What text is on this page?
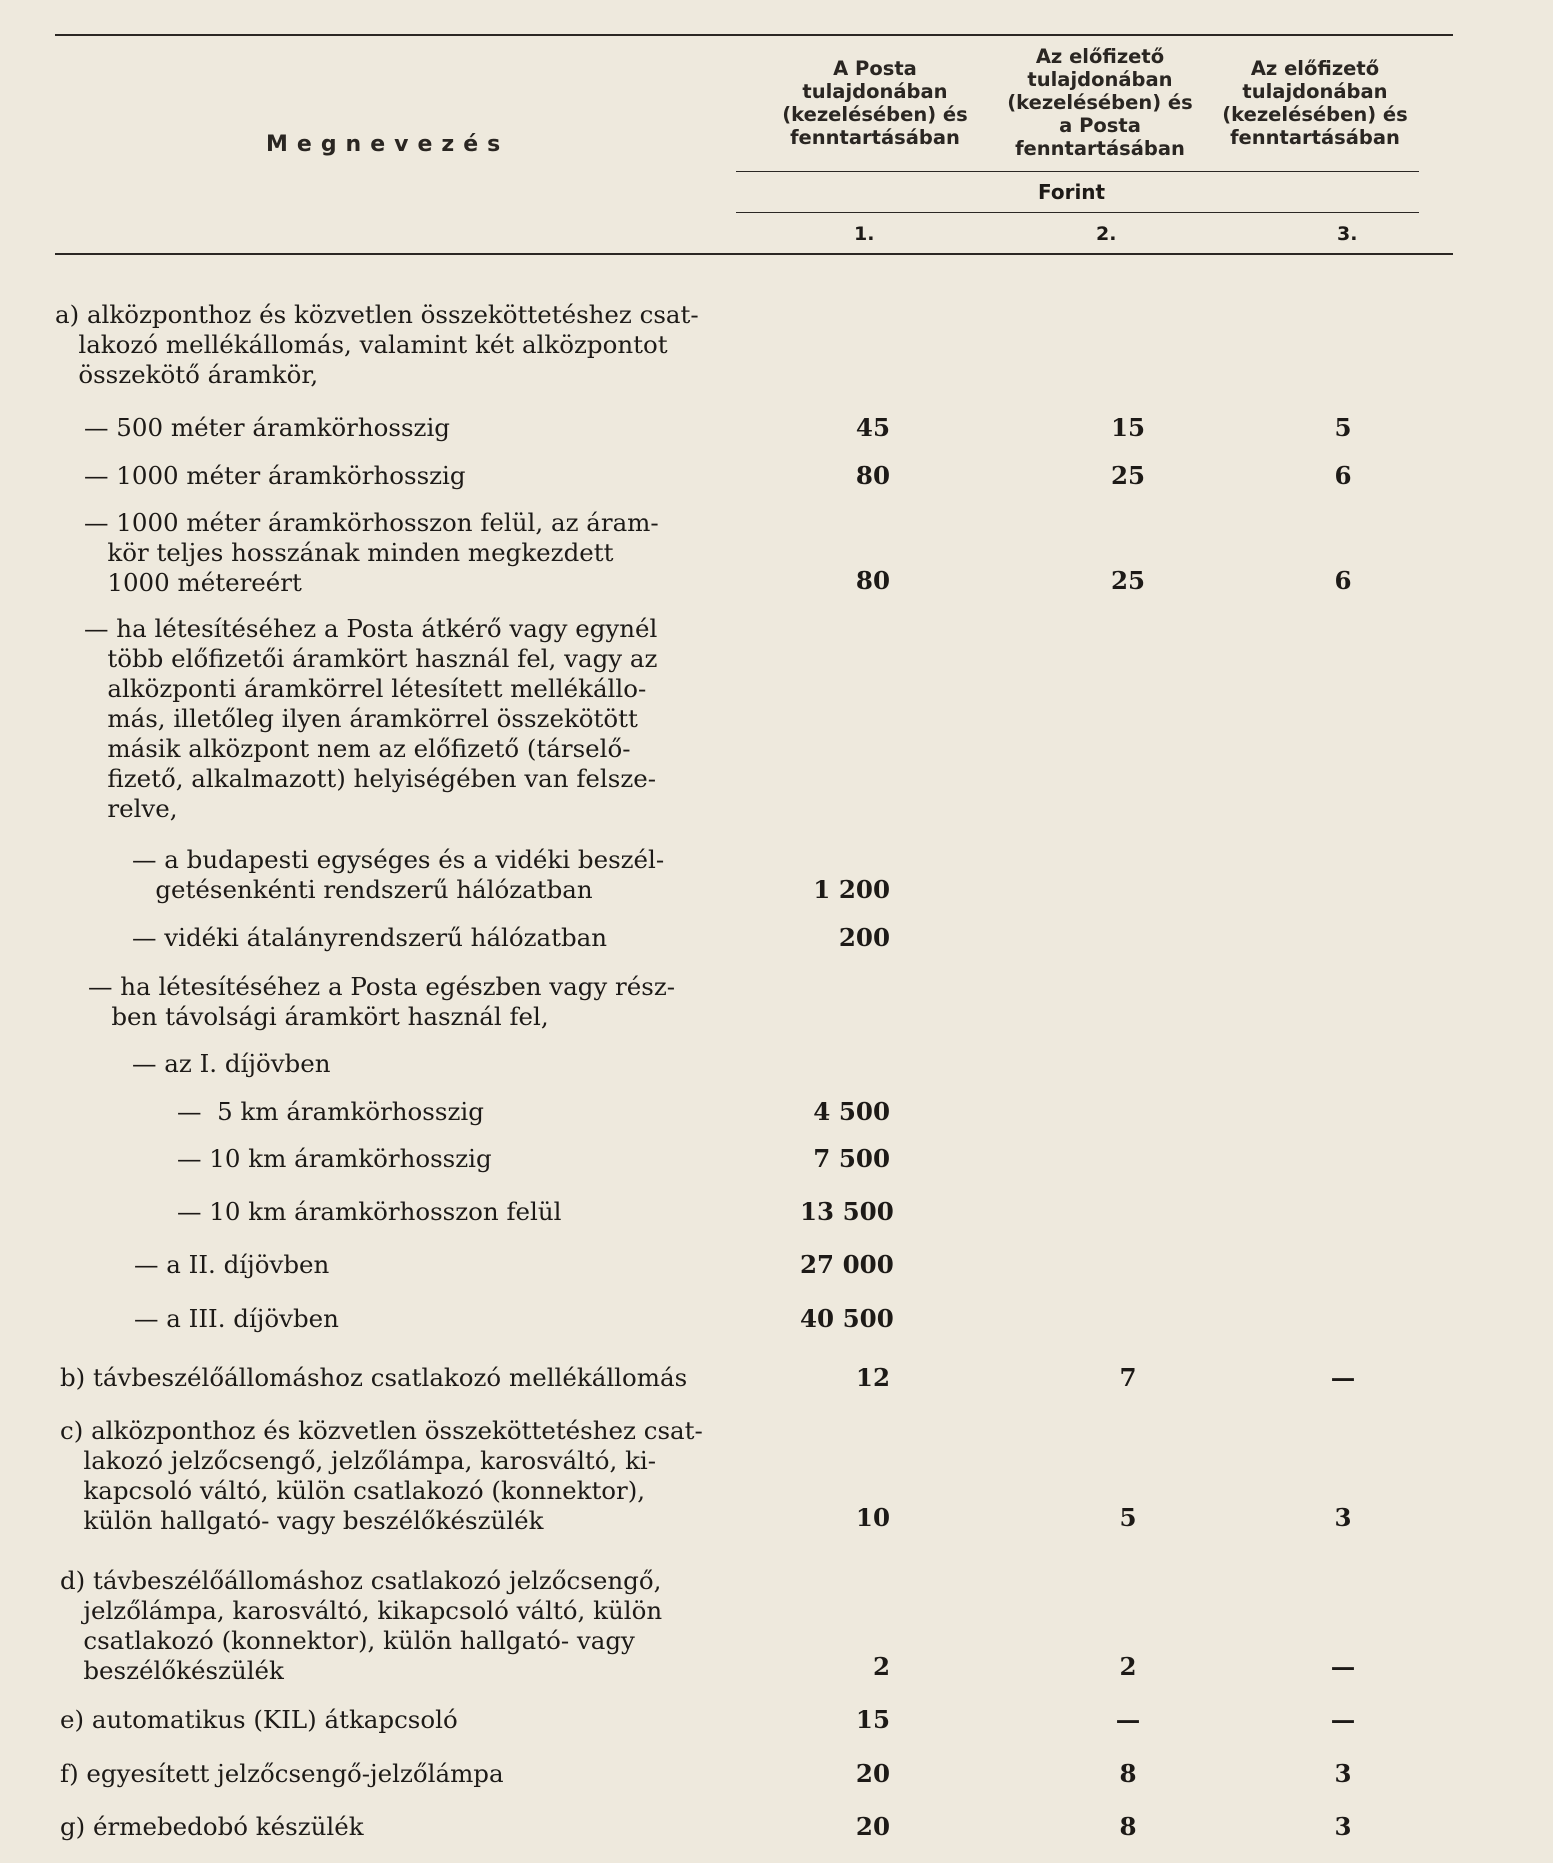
Megnevezés
A Posta
tulajdonában
(kezelésében) és
fenntartásában
Az előfizető
tulajdonában
(kezelésében) és
a Posta
fenntartásában
Az előfizető
tulajdonában
(kezelésében) és
fenntartásában
Forint
1.	2.	3.
a) alközponthoz és közvetlen összeköttetéshez csat-
lakozó mellékállomás, valamint két alközpontot
összekötő áramkör,
— 500 méter áramkörhosszig	45	15	5
— 1000 méter áramkörhosszig	80	25	6
— 1000 méter áramkörhosszon felül, az áram-
kör teljes hosszának minden megkezdett
1000 métereért	80	25	6
— ha létesítéséhez a Posta átkérő vagy egynél
több előfizetői áramkört használ fel, vagy az
alközponti áramkörrel létesített mellékállo-
más, illetőleg ilyen áramkörrel összekötött
másik alközpont nem az előfizető (társelő-
fizető, alkalmazott) helyiségében van felsze-
relve,
— a budapesti egységes és a vidéki beszél-
getésenkénti rendszerű hálózatban	1 200
— vidéki átalányrendszerű hálózatban	200
— ha létesítéséhez a Posta egészben vagy rész-
ben távolsági áramkört használ fel,
— az I. díjövben
—  5 km áramkörhosszig	4 500
— 10 km áramkörhosszig	7 500
— 10 km áramkörhosszon felül	13 500
— a II. díjövben	27 000
— a III. díjövben	40 500
b) távbeszélőállomáshoz csatlakozó mellékállomás	12	7	—
c) alközponthoz és közvetlen összeköttetéshez csat-
lakozó jelzőcsengő, jelzőlámpa, karosváltó, ki-
kapcsoló váltó, külön csatlakozó (konnektor),
külön hallgató- vagy beszélőkészülék	10	5	3
d) távbeszélőállomáshoz csatlakozó jelzőcsengő,
jelzőlámpa, karosváltó, kikapcsoló váltó, külön
csatlakozó (konnektor), külön hallgató- vagy
beszélőkészülék	2	2	—
e) automatikus (KIL) átkapcsoló	15	—	—
f) egyesített jelzőcsengő-jelzőlámpa	20	8	3
g) érmebedobó készülék	20	8	3
